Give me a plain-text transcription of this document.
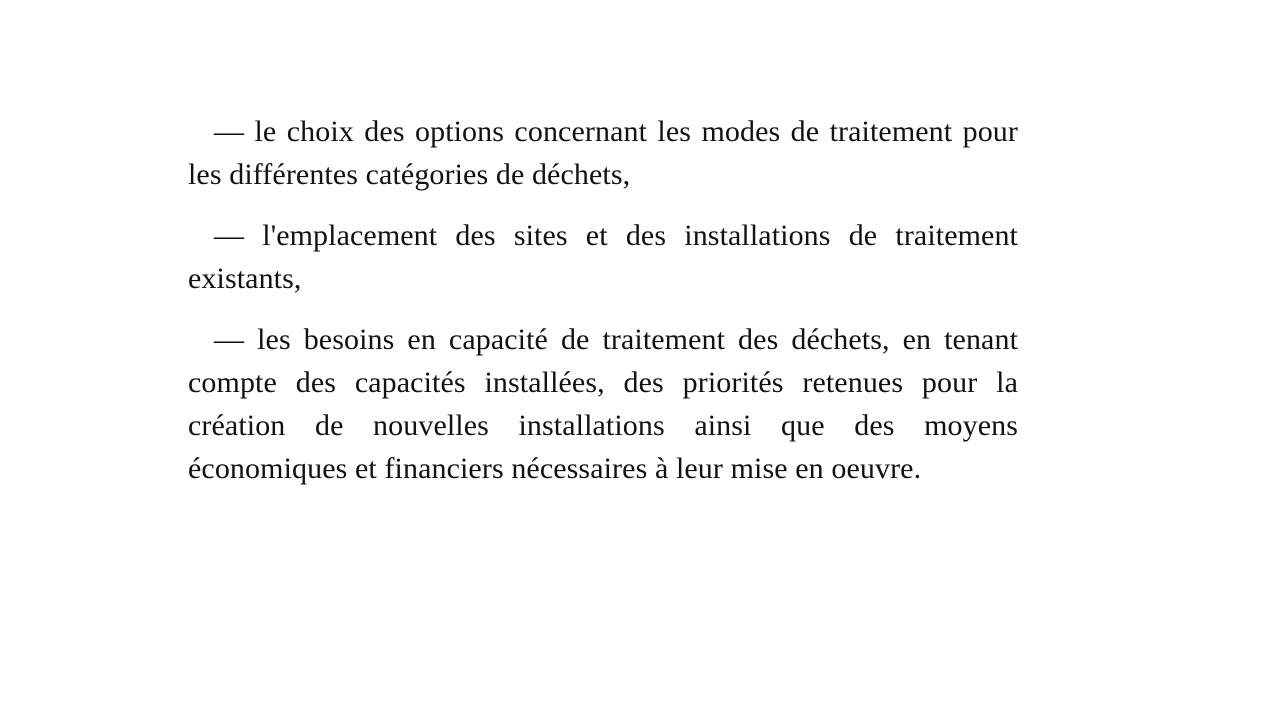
— le choix des options concernant les modes de traitement pour les différentes catégories de déchets,

— l'emplacement des sites et des installations de traitement existants,

— les besoins en capacité de traitement des déchets, en tenant compte des capacités installées, des priorités retenues pour la création de nouvelles installations ainsi que des moyens économiques et financiers nécessaires à leur mise en oeuvre.
